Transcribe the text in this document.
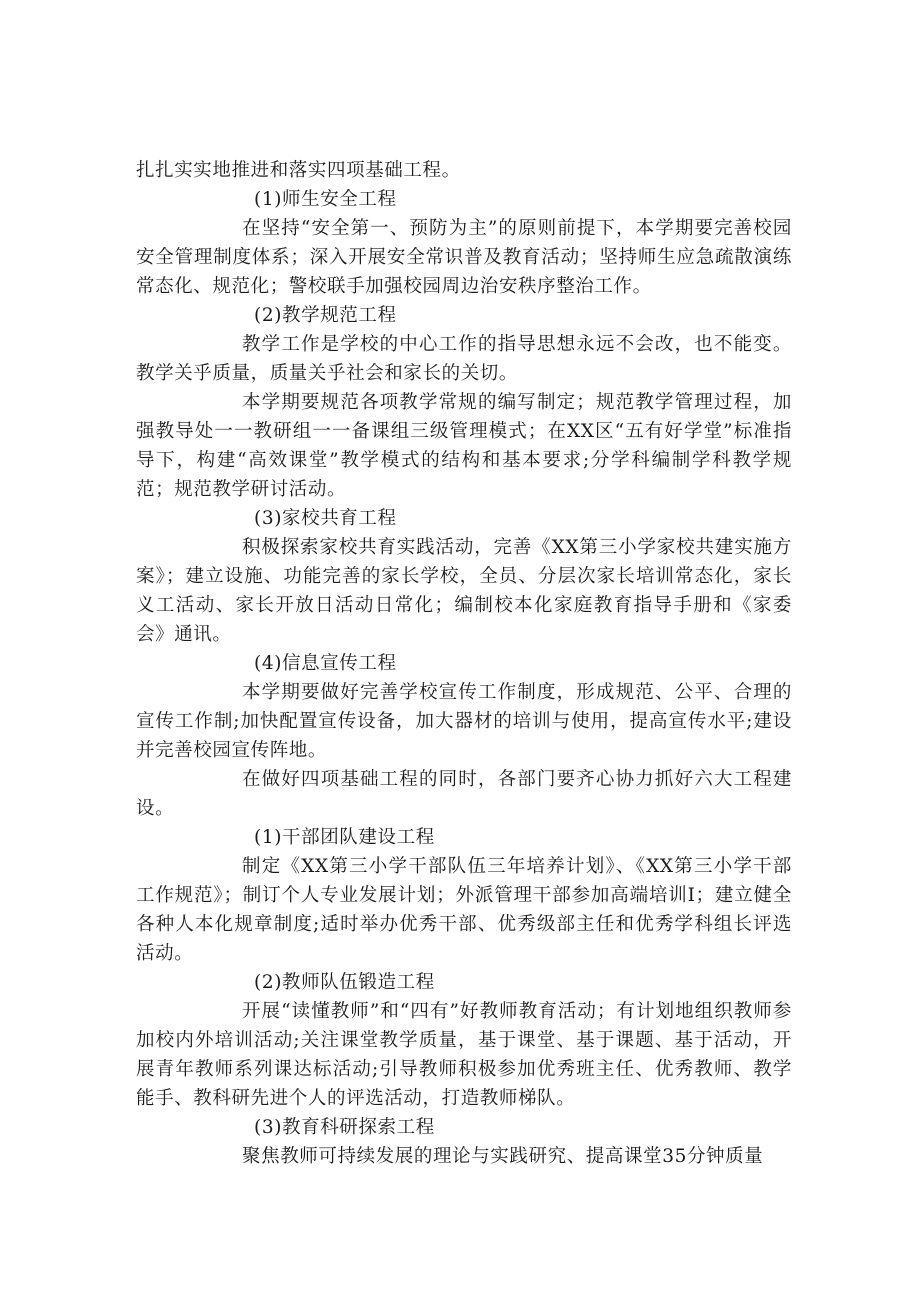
扎扎实实地推进和落实四项基础工程。

(1)师生安全工程

在坚持“安全第一、预防为主”的原则前提下，本学期要完善校园安全管理制度体系；深入开展安全常识普及教育活动；坚持师生应急疏散演练常态化、规范化；警校联手加强校园周边治安秩序整治工作。

(2)教学规范工程

教学工作是学校的中心工作的指导思想永远不会改，也不能变。教学关乎质量，质量关乎社会和家长的关切。

本学期要规范各项教学常规的编写制定；规范教学管理过程，加强教导处一一教研组一一备课组三级管理模式；在XX区“五有好学堂”标准指导下，构建“高效课堂”教学模式的结构和基本要求;分学科编制学科教学规范；规范教学研讨活动。

(3)家校共育工程

积极探索家校共育实践活动，完善《XX第三小学家校共建实施方案》；建立设施、功能完善的家长学校，全员、分层次家长培训常态化，家长义工活动、家长开放日活动日常化；编制校本化家庭教育指导手册和《家委会》通讯。

(4)信息宣传工程

本学期要做好完善学校宣传工作制度，形成规范、公平、合理的宣传工作制;加快配置宣传设备，加大器材的培训与使用，提高宣传水平;建设并完善校园宣传阵地。

在做好四项基础工程的同时，各部门要齐心协力抓好六大工程建设。

(1)干部团队建设工程

制定《XX第三小学干部队伍三年培养计划》、《XX第三小学干部工作规范》；制订个人专业发展计划；外派管理干部参加高端培训I；建立健全各种人本化规章制度;适时举办优秀干部、优秀级部主任和优秀学科组长评选活动。

(2)教师队伍锻造工程

开展“读懂教师”和“四有”好教师教育活动；有计划地组织教师参加校内外培训活动;关注课堂教学质量，基于课堂、基于课题、基于活动，开展青年教师系列课达标活动;引导教师积极参加优秀班主任、优秀教师、教学能手、教科研先进个人的评选活动，打造教师梯队。

(3)教育科研探索工程

聚焦教师可持续发展的理论与实践研究、提高课堂35分钟质量
